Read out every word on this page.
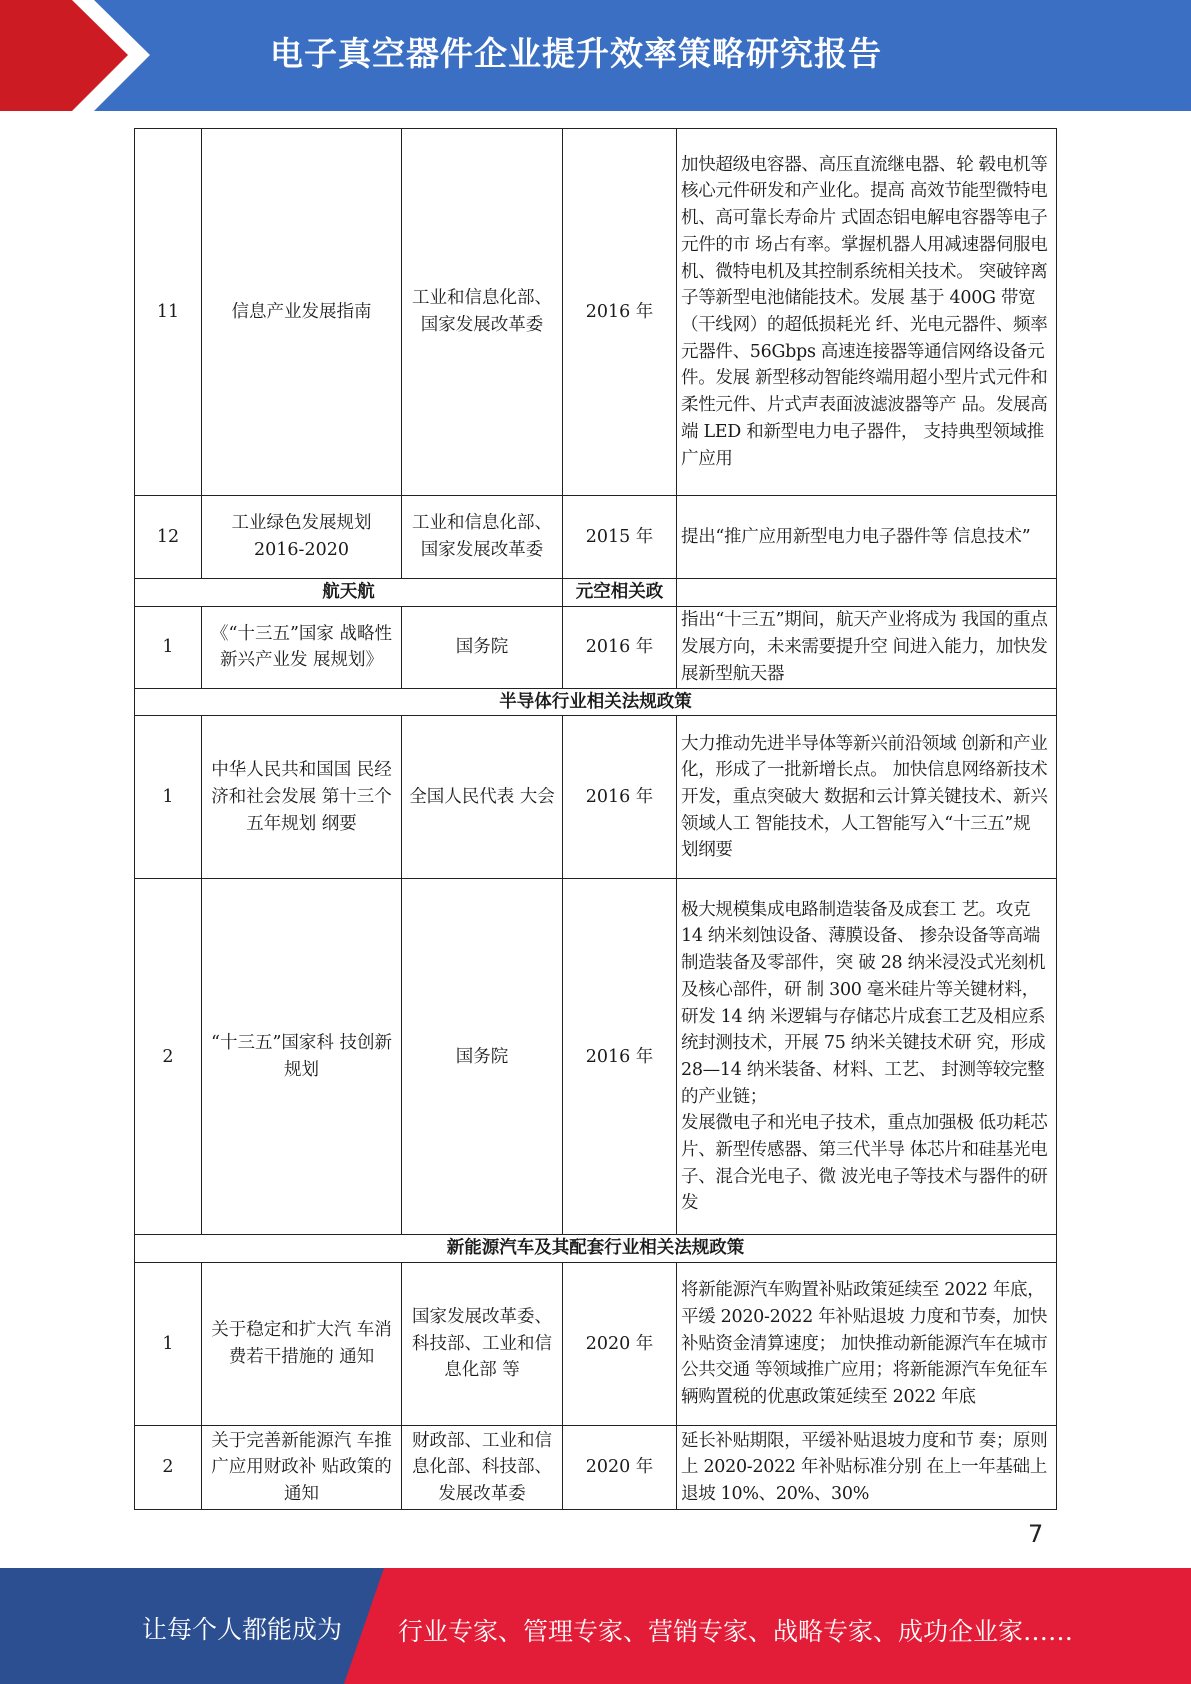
电子真空器件企业提升效率策略研究报告
11	信息产业发展指南	工业和信息化部、国家发展改革委	2016 年	加快超级电容器、高压直流继电器、轮 毂电机等核心元件研发和产业化。提高 高效节能型微特电机、高可靠长寿命片 式固态铝电解电容器等电子元件的市 场占有率。掌握机器人用减速器伺服电 机、微特电机及其控制系统相关技术。 突破锌离子等新型电池储能技术。发展 基于 400G 带宽（干线网）的超低损耗光 纤、光电元器件、频率元器件、56Gbps 高速连接器等通信网络设备元件。发展 新型移动智能终端用超小型片式元件和柔性元件、片式声表面波滤波器等产 品。发展高端 LED 和新型电力电子器件， 支持典型领域推广应用
12	工业绿色发展规划 2016-2020	工业和信息化部、国家发展改革委	2015 年	提出“推广应用新型电力电子器件等 信息技术”
航天航			元空相关政	
1	《“十三五”国家 战略性新兴产业发 展规划》	国务院	2016 年	指出“十三五”期间，航天产业将成为 我国的重点发展方向，未来需要提升空 间进入能力，加快发展新型航天器
半导体行业相关法规政策				
1	中华人民共和国国 民经济和社会发展 第十三个五年规划 纲要	全国人民代表 大会	2016 年	大力推动先进半导体等新兴前沿领域 创新和产业化，形成了一批新增长点。 加快信息网络新技术开发，重点突破大 数据和云计算关键技术、新兴领域人工 智能技术，人工智能写入“十三五”规 划纲要
2	“十三五”国家科 技创新规划	国务院	2016 年	极大规模集成电路制造装备及成套工 艺。攻克 14 纳米刻蚀设备、薄膜设备、 掺杂设备等高端制造装备及零部件，突 破 28 纳米浸没式光刻机及核心部件，研 制 300 毫米硅片等关键材料，研发 14 纳 米逻辑与存储芯片成套工艺及相应系 统封测技术，开展 75 纳米关键技术研 究，形成 28—14 纳米装备、材料、工艺、 封测等较完整的产业链；
发展微电子和光电子技术，重点加强极 低功耗芯片、新型传感器、第三代半导 体芯片和硅基光电子、混合光电子、微 波光电子等技术与器件的研发

新能源汽车及其配套行业相关法规政策				
1	关于稳定和扩大汽 车消费若干措施的 通知	国家发展改革委、科技部、工业和信息化部 等	2020 年	将新能源汽车购置补贴政策延续至 2022 年底，平缓 2020-2022 年补贴退坡 力度和节奏，加快补贴资金清算速度； 加快推动新能源汽车在城市公共交通 等领域推广应用；将新能源汽车免征车 辆购置税的优惠政策延续至 2022 年底
2	关于完善新能源汽 车推广应用财政补 贴政策的通知	财政部、工业和信息化部、科技部、发展改革委	2020 年	延长补贴期限，平缓补贴退坡力度和节 奏；原则上 2020-2022 年补贴标准分别 在上一年基础上退坡 10%、20%、30%
7
让每个人都能成为 行业专家、管理专家、营销专家、战略专家、成功企业家……
